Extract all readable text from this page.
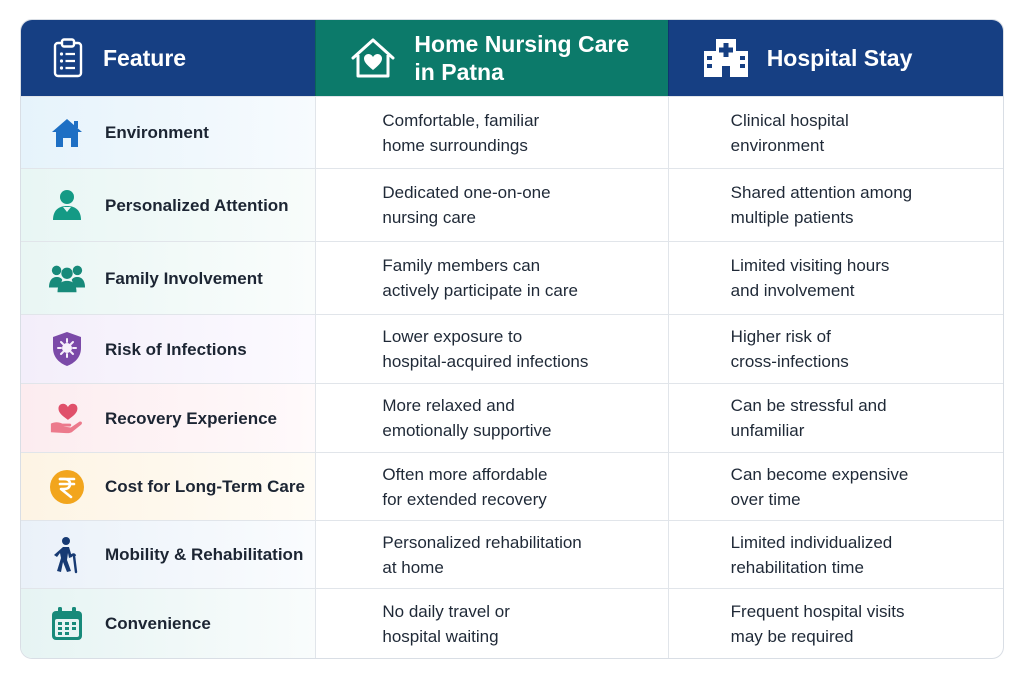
Feature
Home Nursing Care
in Patna
Hospital Stay
Environment
Comfortable, familiar
home surroundings
Clinical hospital
environment
Personalized Attention
Dedicated one-on-one
nursing care
Shared attention among
multiple patients
Family Involvement
Family members can
actively participate in care
Limited visiting hours
and involvement
Risk of Infections
Lower exposure to
hospital-acquired infections
Higher risk of
cross-infections
Recovery Experience
More relaxed and
emotionally supportive
Can be stressful and
unfamiliar
Cost for Long-Term Care
Often more affordable
for extended recovery
Can become expensive
over time
Mobility & Rehabilitation
Personalized rehabilitation
at home
Limited individualized
rehabilitation time
Convenience
No daily travel or
hospital waiting
Frequent hospital visits
may be required
